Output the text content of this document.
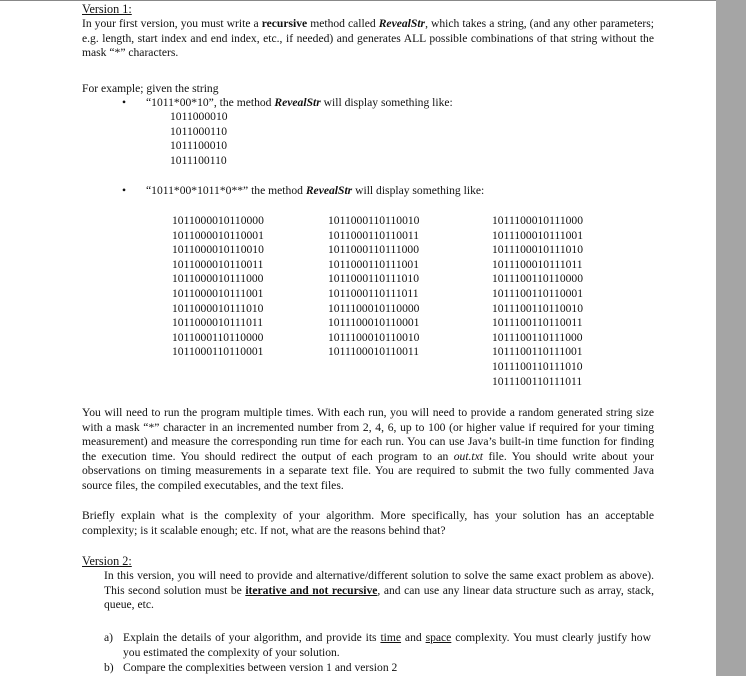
Version 1:

In your first version, you must write a recursive method called RevealStr, which takes a string, (and any other parameters; e.g. length, start index and end index, etc., if needed) and generates ALL possible combinations of that string without the mask “*” characters.

For example; given the string
• “1011*00*10”, the method RevealStr will display something like:
1011000010
1011000110
1011100010
1011100110
• “1011*00*1011*0**” the method RevealStr will display something like:
1011000010110000
1011000010110001
1011000010110010
1011000010110011
1011000010111000
1011000010111001
1011000010111010
1011000010111011
1011000110110000
1011000110110001
1011000110110010
1011000110110011
1011000110111000
1011000110111001
1011000110111010
1011000110111011
1011100010110000
1011100010110001
1011100010110010
1011100010110011
1011100010111000
1011100010111001
1011100010111010
1011100010111011
1011100110110000
1011100110110001
1011100110110010
1011100110110011
1011100110111000
1011100110111001
1011100110111010
1011100110111011

You will need to run the program multiple times. With each run, you will need to provide a random generated string size with a mask “*” character in an incremented number from 2, 4, 6, up to 100 (or higher value if required for your timing measurement) and measure the corresponding run time for each run. You can use Java’s built-in time function for finding the execution time. You should redirect the output of each program to an out.txt file. You should write about your observations on timing measurements in a separate text file. You are required to submit the two fully commented Java source files, the compiled executables, and the text files.

Briefly explain what is the complexity of your algorithm. More specifically, has your solution has an acceptable complexity; is it scalable enough; etc. If not, what are the reasons behind that?

Version 2:

In this version, you will need to provide and alternative/different solution to solve the same exact problem as above). This second solution must be iterative and not recursive, and can use any linear data structure such as array, stack, queue, etc.

a) Explain the details of your algorithm, and provide its time and space complexity. You must clearly justify how you estimated the complexity of your solution.

b) Compare the complexities between version 1 and version 2
